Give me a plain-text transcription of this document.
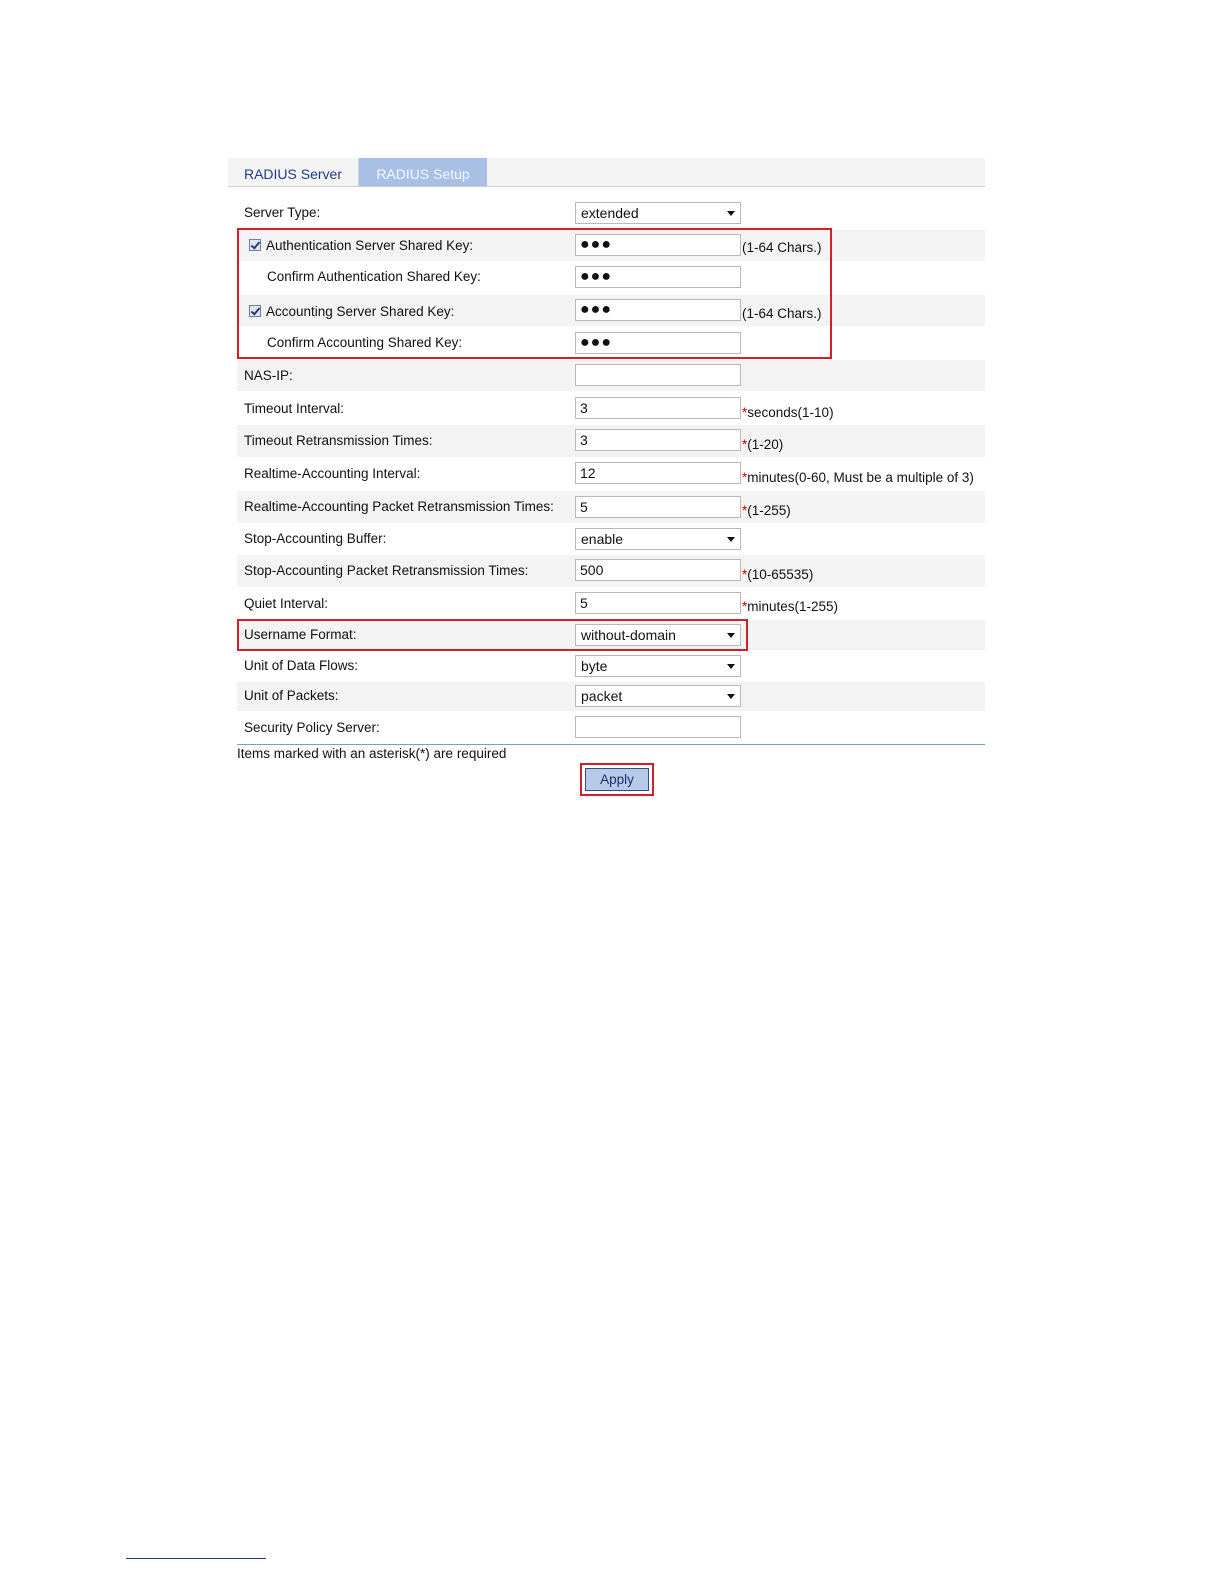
RADIUS Server	RADIUS Setup
Server Type:	extended
Authentication Server Shared Key:	●●●	(1-64 Chars.)
Confirm Authentication Shared Key:	●●●
Accounting Server Shared Key:	●●●	(1-64 Chars.)
Confirm Accounting Shared Key:	●●●
NAS-IP:
Timeout Interval:	3	*seconds(1-10)
Timeout Retransmission Times:	3	*(1-20)
Realtime-Accounting Interval:	12	*minutes(0-60, Must be a multiple of 3)
Realtime-Accounting Packet Retransmission Times:	5	*(1-255)
Stop-Accounting Buffer:	enable
Stop-Accounting Packet Retransmission Times:	500	*(10-65535)
Quiet Interval:	5	*minutes(1-255)
Username Format:	without-domain
Unit of Data Flows:	byte
Unit of Packets:	packet
Security Policy Server:
Items marked with an asterisk(*) are required
Apply
